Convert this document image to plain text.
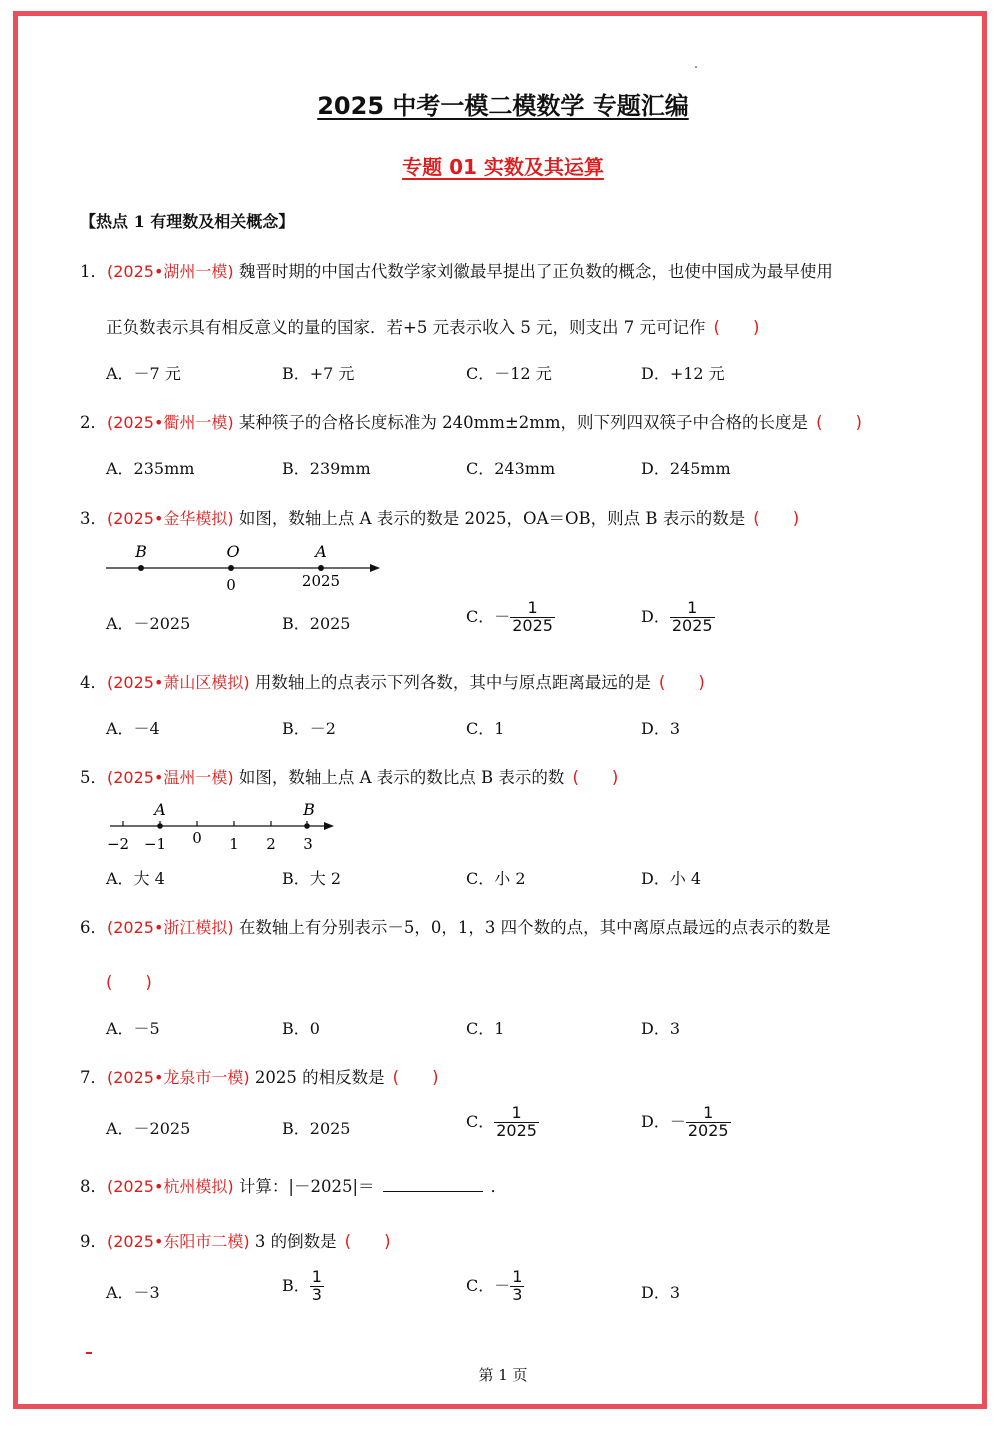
2025 中考一模二模数学 专题汇编
专题 01 实数及其运算
【热点 1 有理数及相关概念】
1．(2025•湖州一模) 魏晋时期的中国古代数学家刘徽最早提出了正负数的概念，也使中国成为最早使用
正负数表示具有相反意义的量的国家．若+5 元表示收入 5 元，则支出 7 元可记作 (　　)
A．－7 元	B．+7 元	C．－12 元	D．+12 元
2．(2025•衢州一模) 某种筷子的合格长度标准为 240mm±2mm，则下列四双筷子中合格的长度是 (　　)
A．235mm	B．239mm	C．243mm	D．245mm
3．(2025•金华模拟) 如图，数轴上点 A 表示的数是 2025，OA＝OB，则点 B 表示的数是 (　　)
B	O	A
0	2025
A．－2025	B．2025	C．－ $\frac{1}{2025}$	D． $\frac{1}{2025}$
4．(2025•萧山区模拟) 用数轴上的点表示下列各数，其中与原点距离最远的是 (　　)
A．－4	B．－2	C．1	D．3
5．(2025•温州一模) 如图，数轴上点 A 表示的数比点 B 表示的数 (　　)
A	B
−2 −1 0 1 2 3
A．大 4	B．大 2	C．小 2	D．小 4
6．(2025•浙江模拟) 在数轴上有分别表示－5，0，1，3 四个数的点，其中离原点最远的点表示的数是
(　　)
A．－5	B．0	C．1	D．3
7．(2025•龙泉市一模) 2025 的相反数是 (　　)
A．－2025	B．2025	C． $\frac{1}{2025}$	D．－ $\frac{1}{2025}$
8．(2025•杭州模拟) 计算：|－2025|＝	．
9．(2025•东阳市二模) 3 的倒数是 (　　)
A．－3	B． $\frac{1}{3}$	C．－ $\frac{1}{3}$	D．3
第 1 页
